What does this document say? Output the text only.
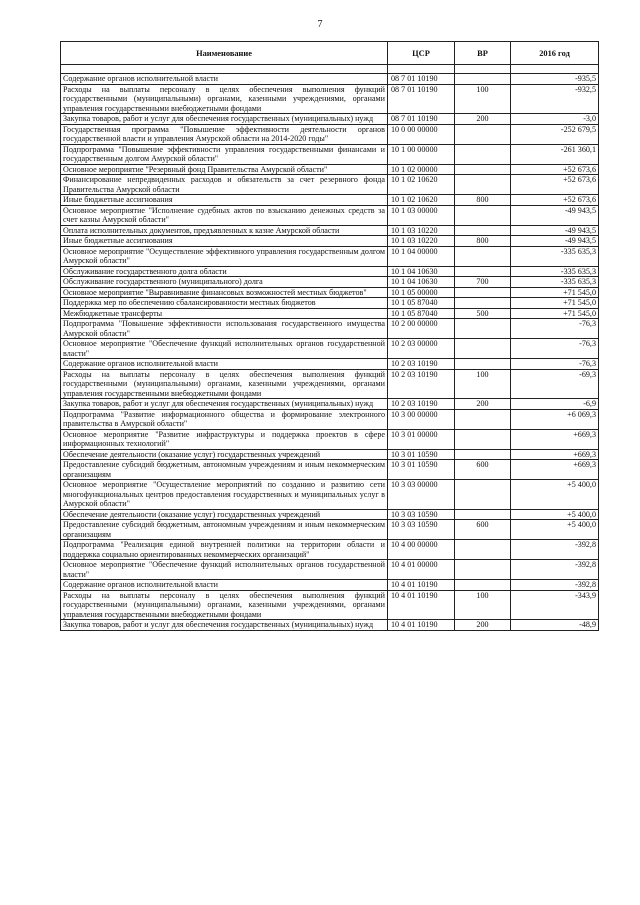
7
Наименование	ЦСР	ВР	2016 год

Содержание органов исполнительной власти	08 7 01 10190		-935,5
Расходы на выплаты персоналу в целях обеспечения выполнения функций государственными (муниципальными) органами, казенными учреждениями, органами управления государственными внебюджетными фондами	08 7 01 10190	100	-932,5
Закупка товаров, работ и услуг для обеспечения государственных (муниципальных) нужд	08 7 01 10190	200	-3,0
Государственная программа "Повышение эффективности деятельности органов государственной власти и управления Амурской области на 2014-2020 годы"	10 0 00 00000		-252 679,5
Подпрограмма "Повышение эффективности управления государственными финансами и государственным долгом Амурской области"	10 1 00 00000		-261 360,1
Основное мероприятие "Резервный фонд Правительства Амурской области"	10 1 02 00000		+52 673,6
Финансирование непредвиденных расходов и обязательств за счет резервного фонда Правительства Амурской области	10 1 02 10620		+52 673,6
Иные бюджетные ассигнования	10 1 02 10620	800	+52 673,6
Основное мероприятие "Исполнение судебных актов по взысканию денежных средств за счет казны Амурской области"	10 1 03 00000		-49 943,5
Оплата исполнительных документов, предъявленных к казне Амурской области	10 1 03 10220		-49 943,5
Иные бюджетные ассигнования	10 1 03 10220	800	-49 943,5
Основное мероприятие "Осуществление эффективного управления государственным долгом Амурской области"	10 1 04 00000		-335 635,3
Обслуживание государственного долга области	10 1 04 10630		-335 635,3
Обслуживание государственного (муниципального) долга	10 1 04 10630	700	-335 635,3
Основное мероприятие "Выравнивание финансовых возможностей местных бюджетов"	10 1 05 00000		+71 545,0
Поддержка мер по обеспечению сбалансированности местных бюджетов	10 1 05 87040		+71 545,0
Межбюджетные трансферты	10 1 05 87040	500	+71 545,0
Подпрограмма "Повышение эффективности использования государственного имущества Амурской области"	10 2 00 00000		-76,3
Основное мероприятие "Обеспечение функций исполнительных органов государственной власти"	10 2 03 00000		-76,3
Содержание органов исполнительной власти	10 2 03 10190		-76,3
Расходы на выплаты персоналу в целях обеспечения выполнения функций государственными (муниципальными) органами, казенными учреждениями, органами управления государственными внебюджетными фондами	10 2 03 10190	100	-69,3
Закупка товаров, работ и услуг для обеспечения государственных (муниципальных) нужд	10 2 03 10190	200	-6,9
Подпрограмма "Развитие информационного общества и формирование электронного правительства в Амурской области"	10 3 00 00000		+6 069,3
Основное мероприятие "Развитие инфраструктуры и поддержка проектов в сфере информационных технологий"	10 3 01 00000		+669,3
Обеспечение деятельности (оказание услуг) государственных учреждений	10 3 01 10590		+669,3
Предоставление субсидий бюджетным, автономным учреждениям и иным некоммерческим организациям	10 3 01 10590	600	+669,3
Основное мероприятие "Осуществление мероприятий по созданию и развитию сети многофункциональных центров предоставления государственных и муниципальных услуг в Амурской области"	10 3 03 00000		+5 400,0
Обеспечение деятельности (оказание услуг) государственных учреждений	10 3 03 10590		+5 400,0
Предоставление субсидий бюджетным, автономным учреждениям и иным некоммерческим организациям	10 3 03 10590	600	+5 400,0
Подпрограмма "Реализация единой внутренней политики на территории области и поддержка социально ориентированных некоммерческих организаций"	10 4 00 00000		-392,8
Основное мероприятие "Обеспечение функций исполнительных органов государственной власти"	10 4 01 00000		-392,8
Содержание органов исполнительной власти	10 4 01 10190		-392,8
Расходы на выплаты персоналу в целях обеспечения выполнения функций государственными (муниципальными) органами, казенными учреждениями, органами управления государственными внебюджетными фондами	10 4 01 10190	100	-343,9
Закупка товаров, работ и услуг для обеспечения государственных (муниципальных) нужд	10 4 01 10190	200	-48,9
